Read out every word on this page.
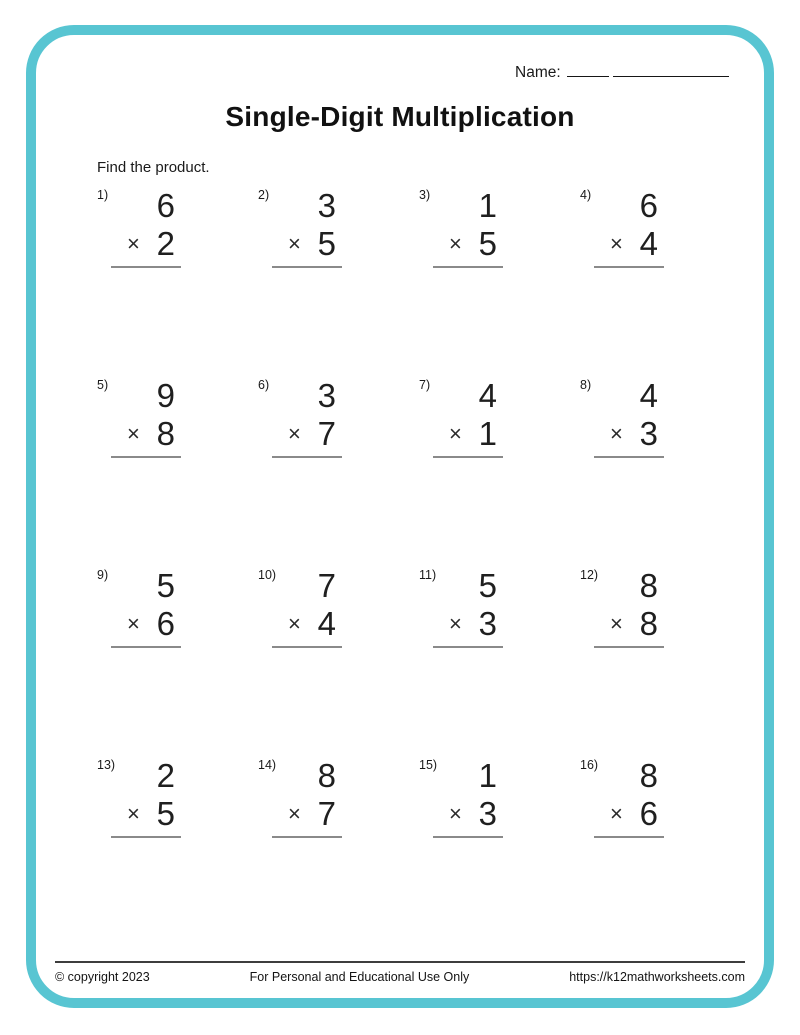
Name:
Single-Digit Multiplication
Find the product.
1)	6
× 2
2)	3
× 5
3)	1
× 5
4)	6
× 4
5)	9
× 8
6)	3
× 7
7)	4
× 1
8)	4
× 3
9)	5
× 6
10)	7
× 4
11)	5
× 3
12)	8
× 8
13)	2
× 5
14)	8
× 7
15)	1
× 3
16)	8
× 6
© copyright 2023	For Personal and Educational Use Only	https://k12mathworksheets.com
